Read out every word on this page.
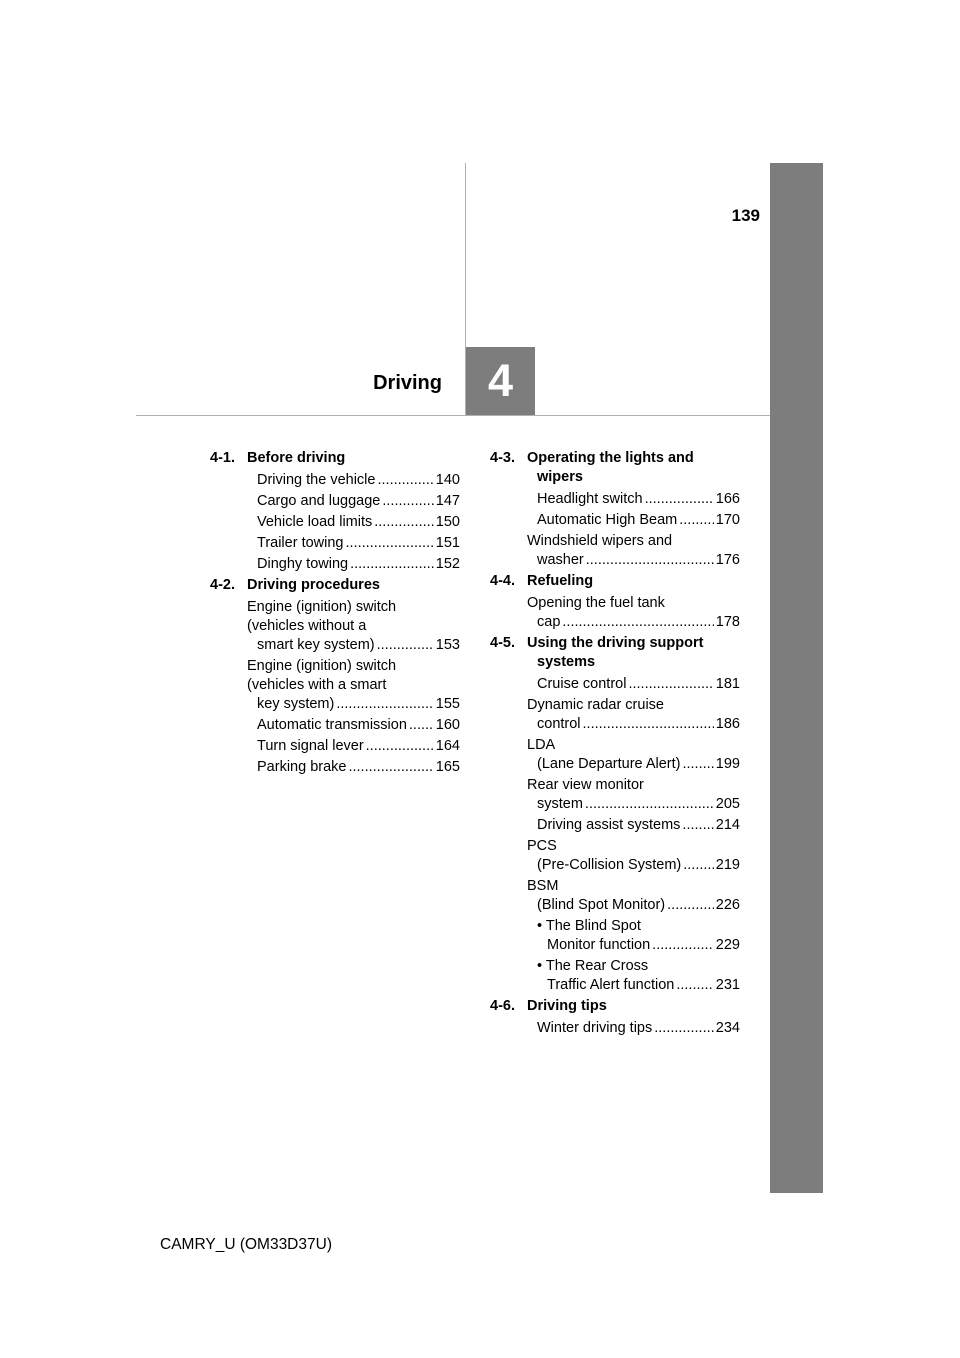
139
Driving	4
4-1. Before driving
Driving the vehicle .....	140
Cargo and luggage .....	147
Vehicle load limits .....	150
Trailer towing .....	151
Dinghy towing .....	152
4-2. Driving procedures
Engine (ignition) switch
(vehicles without a
smart key system) .....	153
Engine (ignition) switch
(vehicles with a smart
key system) .....	155
Automatic transmission ..... 160
Turn signal lever .....	164
Parking brake .....	165
4-3. Operating the lights and wipers
Headlight switch .....	166
Automatic High Beam .....	170
Windshield wipers and
washer .....	176
4-4. Refueling
Opening the fuel tank
cap .....	178
4-5. Using the driving support systems
Cruise control .....	181
Dynamic radar cruise
control .....	186
LDA
(Lane Departure Alert) ..... 199
Rear view monitor
system .....	205
Driving assist systems ..... 214
PCS
(Pre-Collision System) ..... 219
BSM
(Blind Spot Monitor) .....	226
• The Blind Spot
Monitor function .....	229
• The Rear Cross
Traffic Alert function .....	231
4-6. Driving tips
Winter driving tips .....	234
CAMRY_U (OM33D37U)
